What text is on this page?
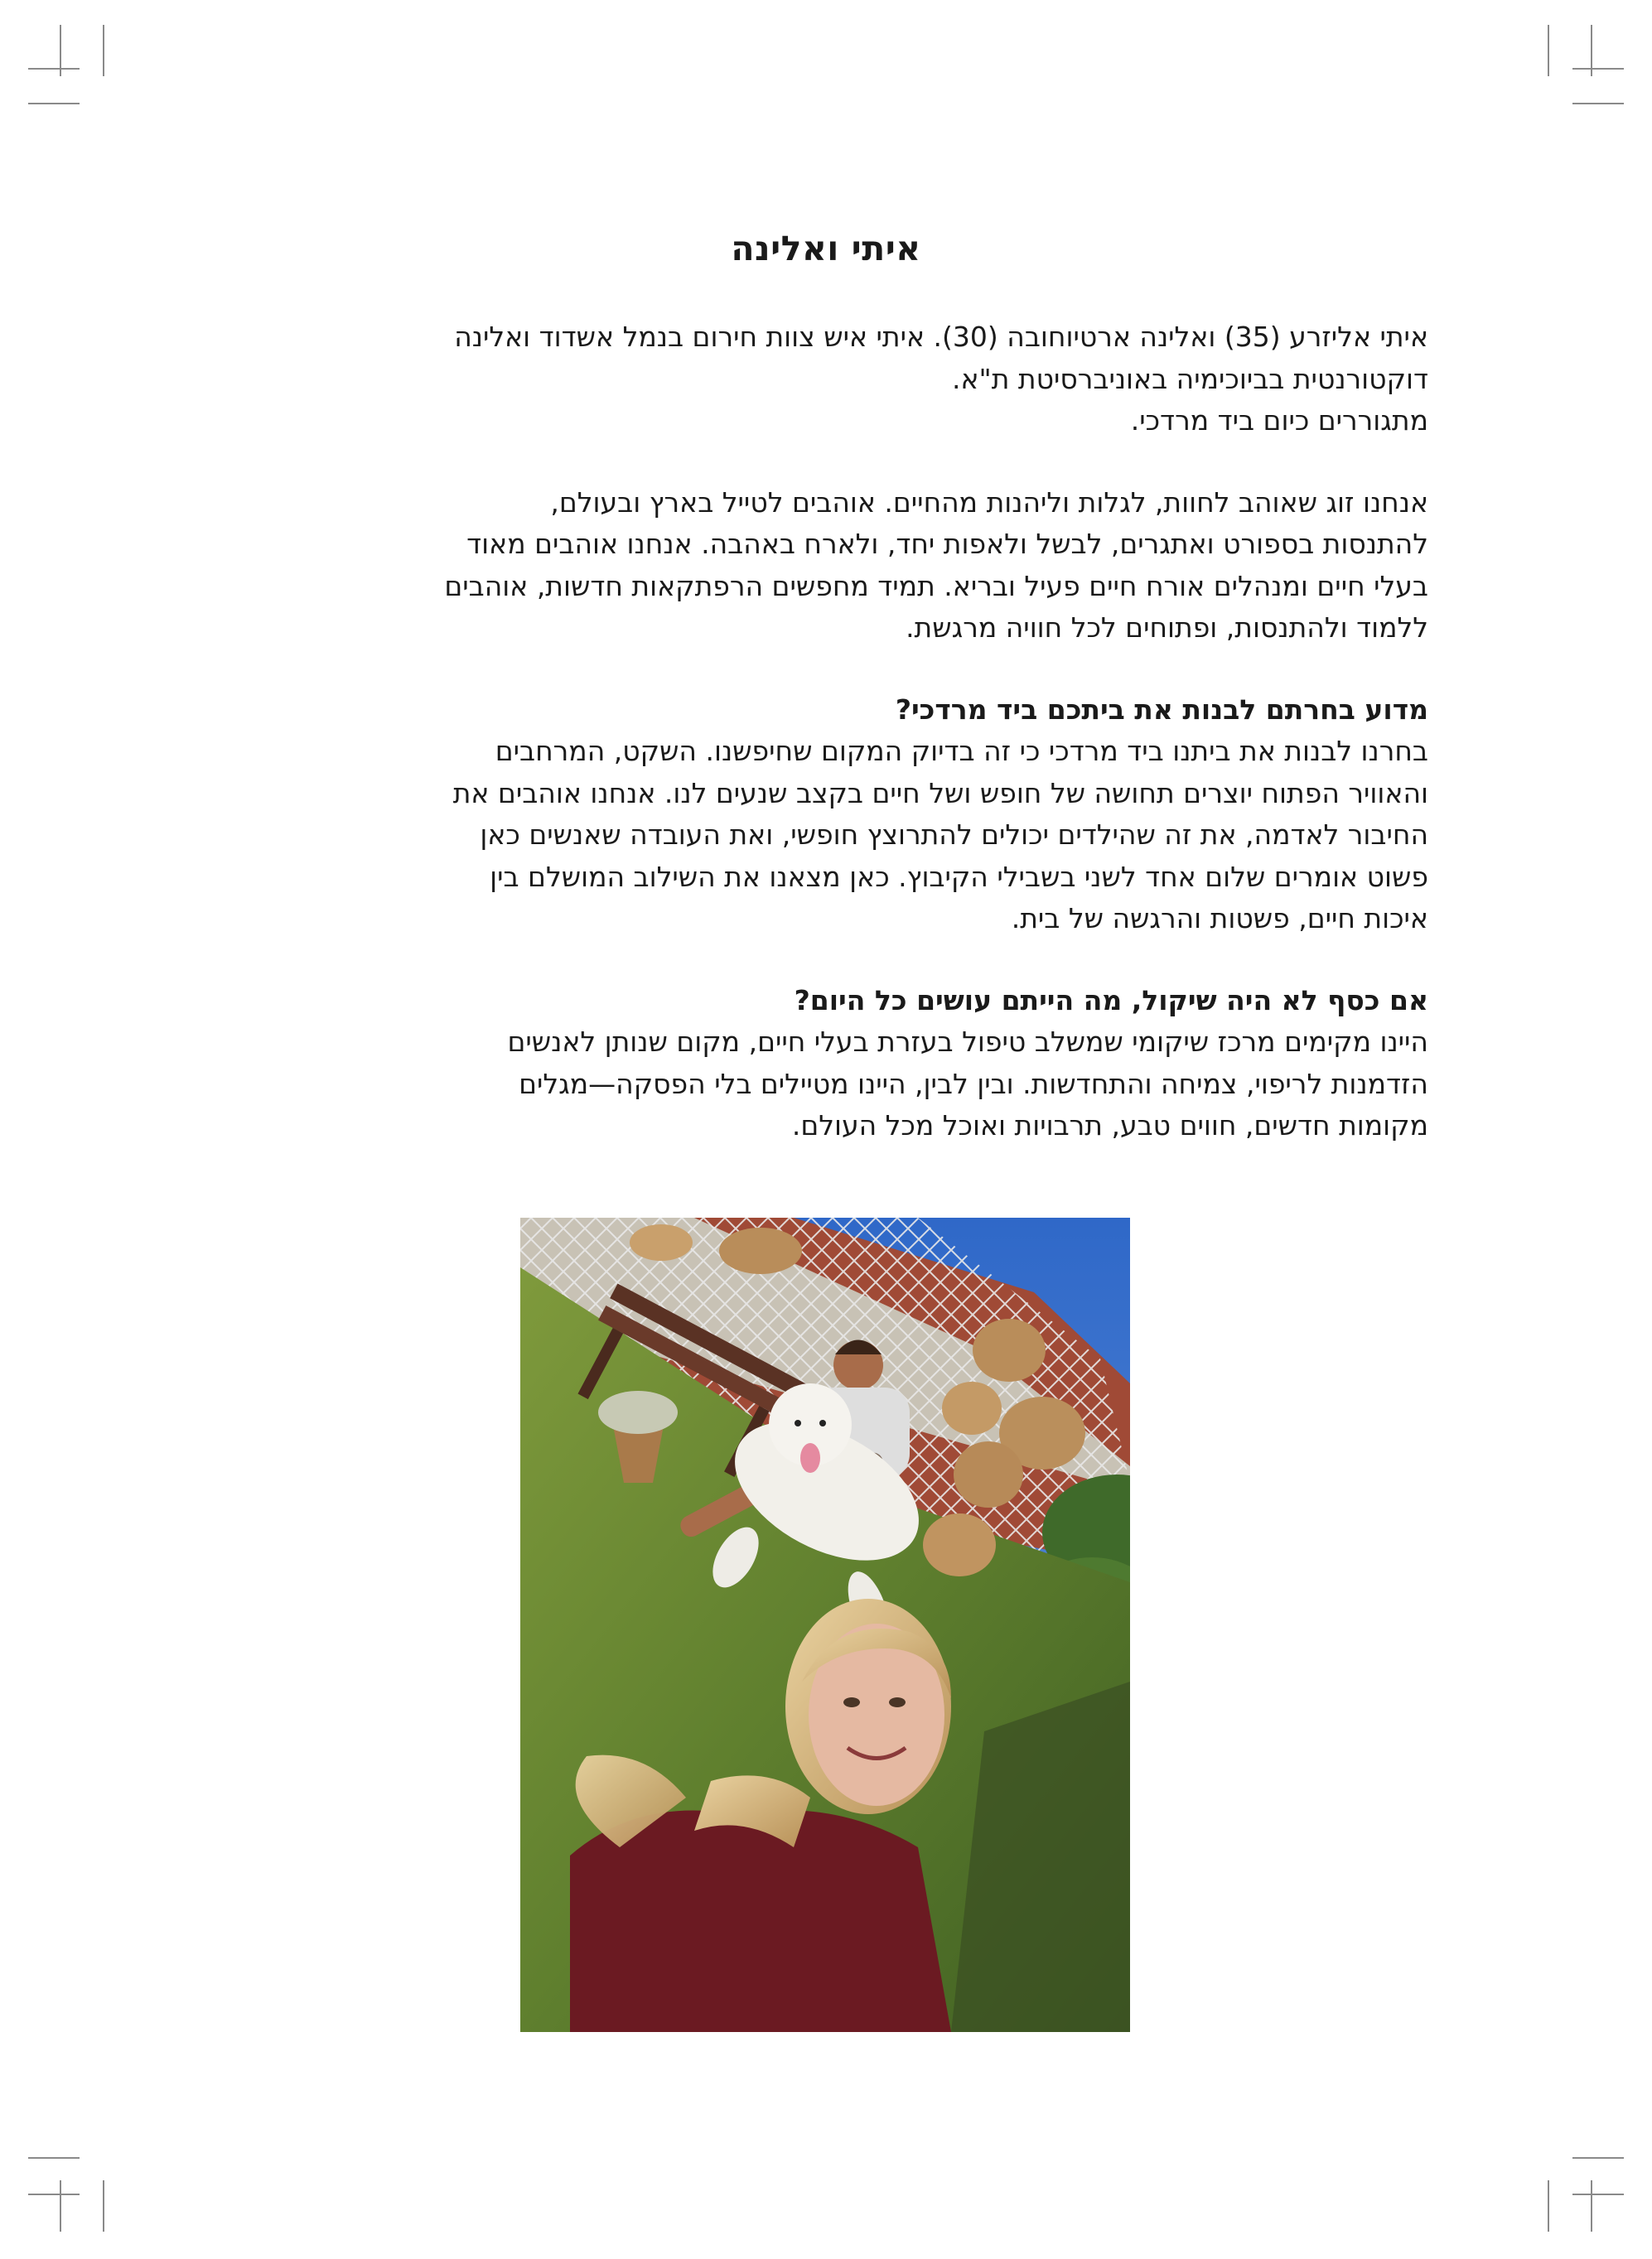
איתי ואלינה

איתי אליזרע (35) ואלינה ארטיוחובה (30). איתי איש צוות חירום בנמל אשדוד ואלינה

דוקטורנטית בביוכימיה באוניברסיטת ת"א.

מתגוררים כיום ביד מרדכי.

אנחנו זוג שאוהב לחוות, לגלות וליהנות מהחיים. אוהבים לטייל בארץ ובעולם,

להתנסות בספורט ואתגרים, לבשל ולאפות יחד, ולארח באהבה. אנחנו אוהבים מאוד

בעלי חיים ומנהלים אורח חיים פעיל ובריא. תמיד מחפשים הרפתקאות חדשות, אוהבים

ללמוד ולהתנסות, ופתוחים לכל חוויה מרגשת.

מדוע בחרתם לבנות את ביתכם ביד מרדכי?

בחרנו לבנות את ביתנו ביד מרדכי כי זה בדיוק המקום שחיפשנו. השקט, המרחבים

והאוויר הפתוח יוצרים תחושה של חופש ושל חיים בקצב שנעים לנו. אנחנו אוהבים את

החיבור לאדמה, את זה שהילדים יכולים להתרוצץ חופשי, ואת העובדה שאנשים כאן

פשוט אומרים שלום אחד לשני בשבילי הקיבוץ. כאן מצאנו את השילוב המושלם בין

איכות חיים, פשטות והרגשה של בית.

אם כסף לא היה שיקול, מה הייתם עושים כל היום?

היינו מקימים מרכז שיקומי שמשלב טיפול בעזרת בעלי חיים, מקום שנותן לאנשים

הזדמנות לריפוי, צמיחה והתחדשות. ובין לבין, היינו מטיילים בלי הפסקה—מגלים

מקומות חדשים, חווים טבע, תרבויות ואוכל מכל העולם.
